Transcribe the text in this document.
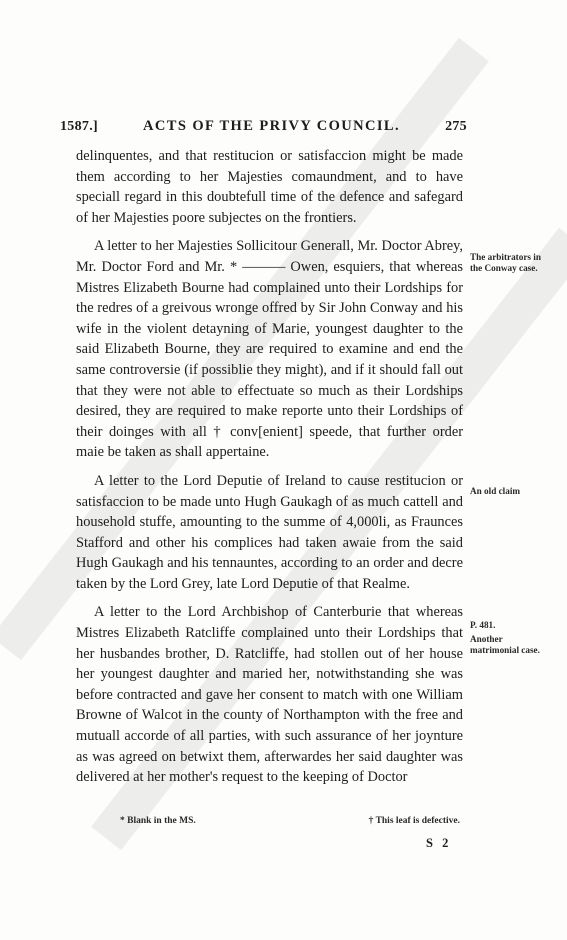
1587.]	ACTS OF THE PRIVY COUNCIL.	275

delinquentes, and that restitucion or satisfaccion might be made them according to her Majesties comaundment, and to have speciall regard in this doubtefull time of the defence and safegard of her Majesties poore subjectes on the frontiers.

A letter to her Majesties Sollicitour Generall, Mr. Doctor Abrey, Mr. Doctor Ford and Mr. * ——— Owen, esquiers, that whereas Mistres Elizabeth Bourne had complained unto their Lordships for the redres of a greivous wronge offred by Sir John Conway and his wife in the violent detayning of Marie, youngest daughter to the said Elizabeth Bourne, they are required to examine and end the same controversie (if possiblie they might), and if it should fall out that they were not able to effectuate so much as their Lordships desired, they are required to make reporte unto their Lordships of their doinges with all † conv[enient] speede, that further order maie be taken as shall appertaine.

A letter to the Lord Deputie of Ireland to cause restitucion or satisfaccion to be made unto Hugh Gaukagh of as much cattell and household stuffe, amounting to the summe of 4,000li, as Fraunces Stafford and other his complices had taken awaie from the said Hugh Gaukagh and his tennauntes, according to an order and decre taken by the Lord Grey, late Lord Deputie of that Realme.

A letter to the Lord Archbishop of Canterburie that whereas Mistres Elizabeth Ratcliffe complained unto their Lordships that her husbandes brother, D. Ratcliffe, had stollen out of her house her youngest daughter and maried her, notwithstanding she was before contracted and gave her consent to match with one William Browne of Walcot in the county of Northampton with the free and mutuall accorde of all parties, with such assurance of her joynture as was agreed on betwixt them, afterwardes her said daughter was delivered at her mother's request to the keeping of Doctor

The arbitrators in the Conway case.
An old claim
P. 481.
Another matrimonial case.
* Blank in the MS.	† This leaf is defective.
S 2
